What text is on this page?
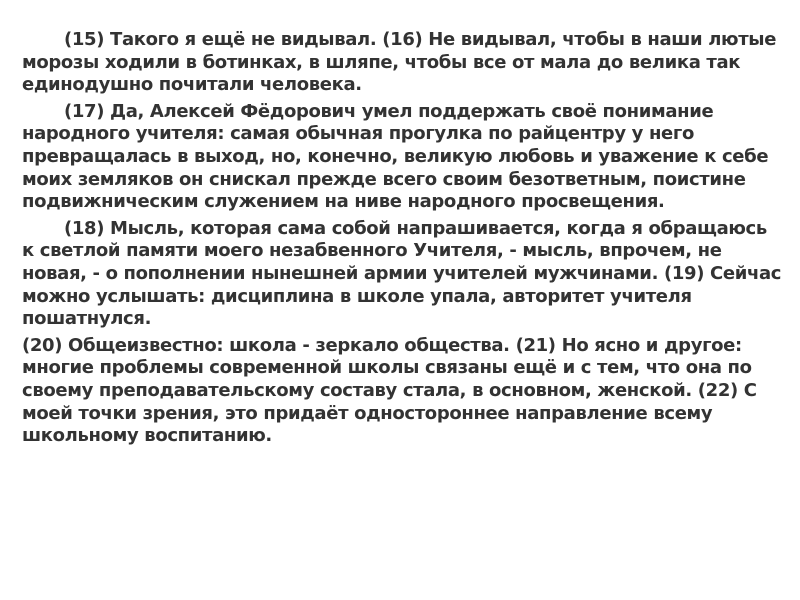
(15) Такого я ещё не видывал. (16) Не видывал, чтобы в наши лютые морозы ходили в ботинках, в шляпе, чтобы все от мала до велика так единодушно почитали человека.

(17) Да, Алексей Фёдорович умел поддержать своё понимание народного учителя: самая обычная прогулка по райцентру у него превращалась в выход, но, конечно, великую любовь и уважение к себе моих земляков он снискал прежде всего своим безответным, поистине подвижническим служением на ниве народного просвещения.

(18) Мысль, которая сама собой напрашивается, когда я обращаюсь к светлой памяти моего незабвенного Учителя, - мысль, впрочем, не новая, - о пополнении нынешней армии учителей мужчинами. (19) Сейчас можно услышать: дисциплина в школе упала, авторитет учителя пошатнулся.

(20) Общеизвестно: школа - зеркало общества. (21) Но ясно и другое: многие проблемы современной школы связаны ещё и с тем, что она по своему преподавательскому составу стала, в основном, женской. (22) С моей точки зрения, это придаёт одностороннее направление всему школьному воспитанию.
